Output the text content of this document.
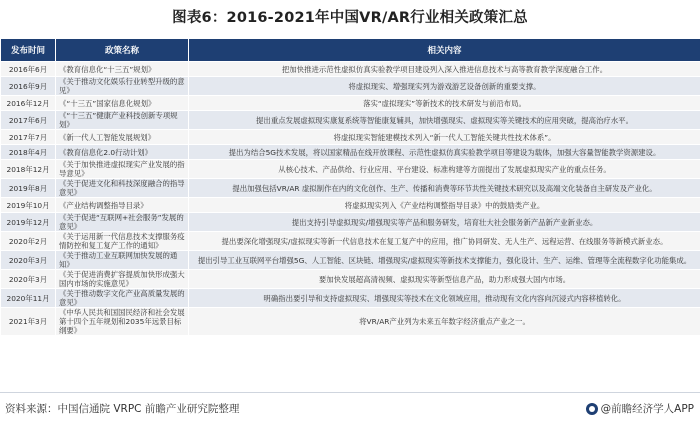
图表6：2016-2021年中国VR/AR行业相关政策汇总
发布时间	政策名称	相关内容
2016年6月	《教育信息化“十三五”规划》	把加快推进示范性虚拟仿真实验教学项目建设列入深入推进信息技术与高等教育教学深度融合工作。
2016年9月	《关于推动文化娱乐行业转型升级的意见》	将虚拟现实、增强现实列为游戏游艺设备创新的重要支撑。
2016年12月	《“十三五”国家信息化规划》	落实“虚拟现实”等新技术的技术研发与前沿布局。
2017年6月	《“十三五”健康产业科技创新专项规划》	提出重点发展虚拟现实康复系统等智能康复辅具，加快增强现实、虚拟现实等关键技术的应用突破，提高治疗水平。
2017年7月	《新一代人工智能发展规划》	将虚拟现实智能建模技术列入“新一代人工智能关键共性技术体系”。
2018年4月	《教育信息化2.0行动计划》	提出为结合5G技术发展，将以国家精品在线开放课程、示范性虚拟仿真实验教学项目等建设为载体，加强大容量智能教学资源建设。
2018年12月	《关于加快推进虚拟现实产业发展的指导意见》	从核心技术、产品供给、行业应用、平台建设、标准构建等方面提出了发展虚拟现实产业的重点任务。
2019年8月	《关于促进文化和科技深度融合的指导意见》	提出加强包括VR/AR 虚拟制作在内的文化创作、生产、传播和消费等环节共性关键技术研究以及高端文化装备自主研发及产业化。
2019年10月	《产业结构调整指导目录》	将虚拟现实列入《产业结构调整指导目录》中的鼓励类产业。
2019年12月	《关于促进“互联网+社会服务”发展的意见》	提出支持引导虚拟现实/增强现实等产品和服务研发，培育壮大社会服务新产品新产业新业态。
2020年2月	《关于运用新一代信息技术支撑服务疫情防控和复工复产工作的通知》	提出要深化增强现实/虚拟现实等新一代信息技术在复工复产中的应用，推广协同研发、无人生产、远程运营、在线服务等新模式新业态。
2020年3月	《关于推动工业互联网加快发展的通知》	提出引导工业互联网平台增强5G、人工智能、区块链、增强现实/虚拟现实等新技术支撑能力，强化设计、生产、运维、管理等全流程数字化功能集成。
2020年3月	《关于促进消费扩容提质加快形成强大国内市场的实施意见》	要加快发展超高清视频、虚拟现实等新型信息产品，助力形成强大国内市场。
2020年11月	《关于推动数字文化产业高质量发展的意见》	明确指出要引导和支持虚拟现实、增强现实等技术在文化领域应用，推动现有文化内容向沉浸式内容移植转化。
2021年3月	《中华人民共和国国民经济和社会发展第十四个五年规划和2035年远景目标纲要》	将VR/AR产业列为未来五年数字经济重点产业之一。
资料来源：中国信通院 VRPC 前瞻产业研究院整理	@前瞻经济学人APP
